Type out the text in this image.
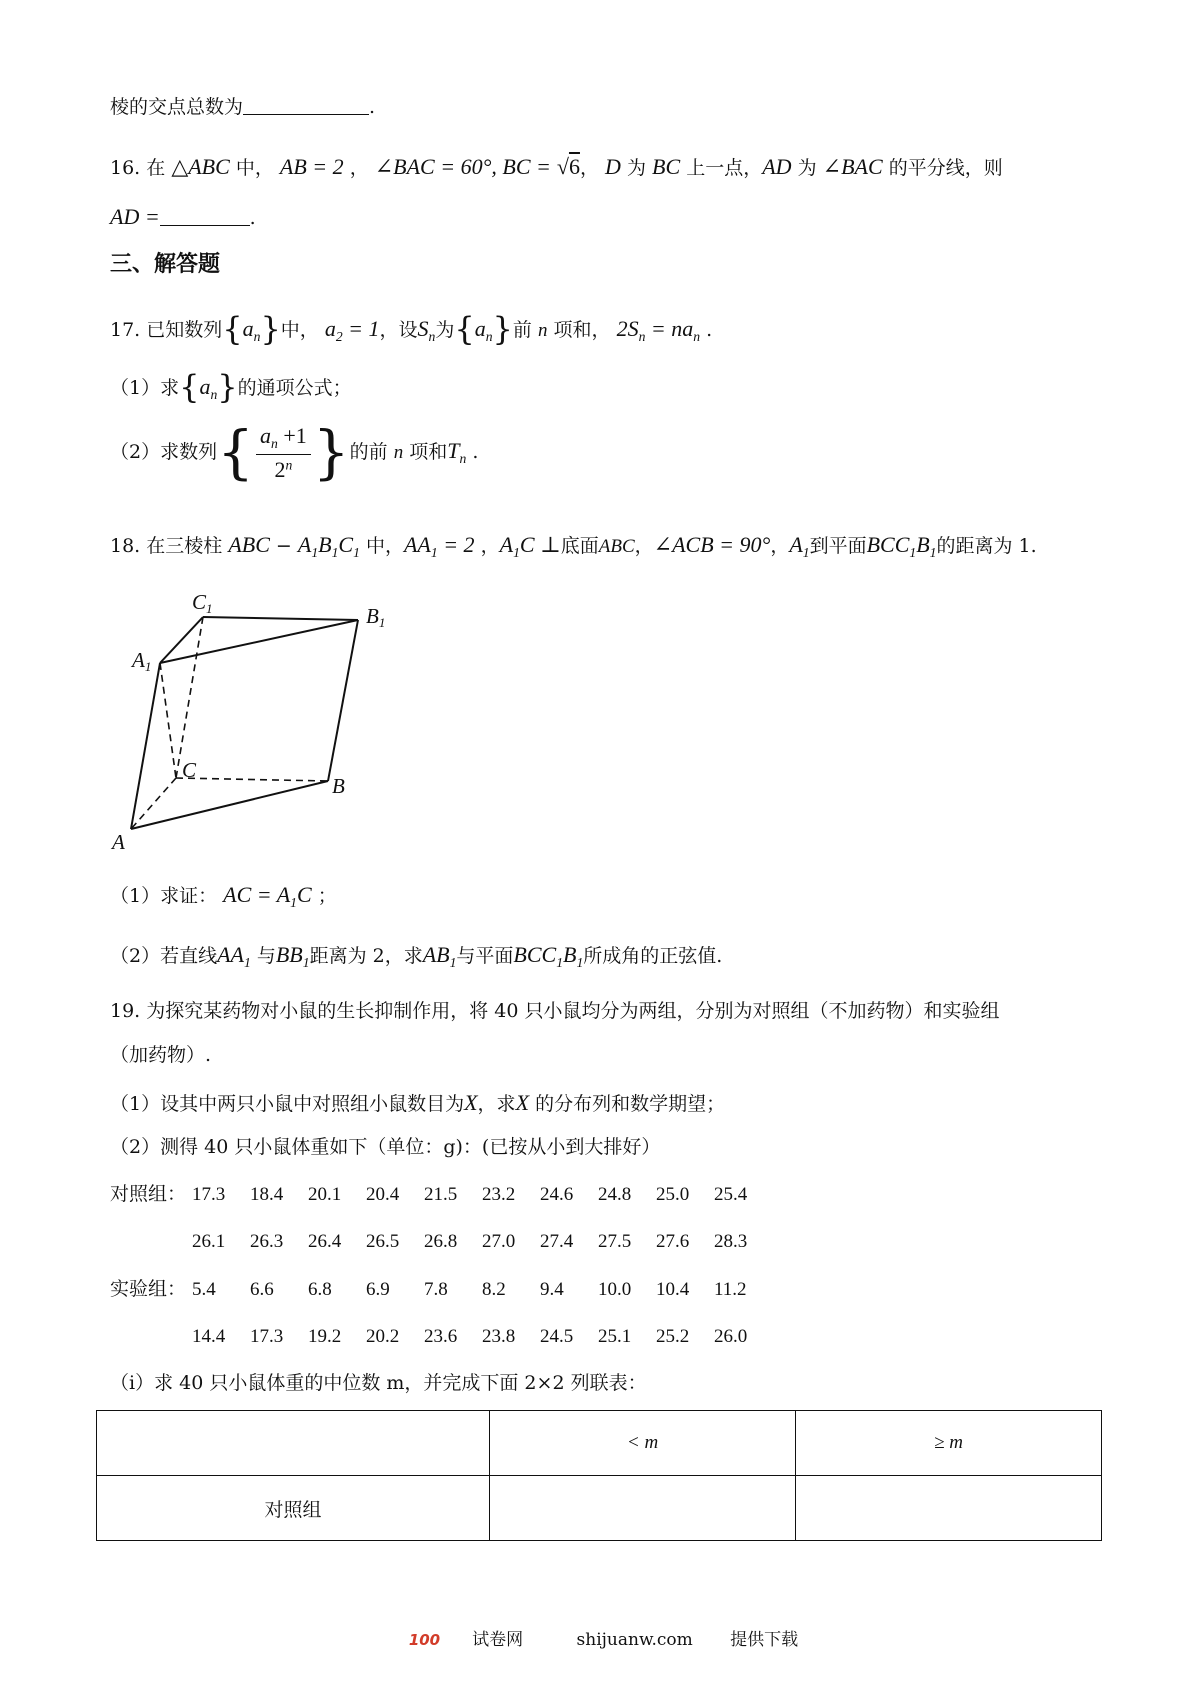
棱的交点总数为	.
16. 在 △ABC 中， AB = 2 ， ∠BAC = 60°, BC = √6， D 为 BC 上一点，AD 为 ∠BAC 的平分线，则
AD =	.
三、解答题
17. 已知数列$\{a_n\}$中， $a_2 = 1$，设$S_n$为$\{a_n\}$前 n 项和， $2S_n = na_n$ .
（1）求$\{a_n\}$的通项公式；
（2）求数列{ $\frac{a_n +1}{2^n}$ }的前 n 项和$T_n$ .
18. 在三棱柱 ABC − $A_1B_1C_1$ 中，$AA_1 = 2$ ，$A_1C$ ⊥底面ABC，∠ACB = 90°，$A_1$到平面$BCC_1B_1$的距离为 1.
C1	B1
A1
C
B
A
（1）求证： AC = $A_1C$ ；
（2）若直线$AA_1$ 与$BB_1$距离为 2，求$AB_1$与平面$BCC_1B_1$所成角的正弦值.
19. 为探究某药物对小鼠的生长抑制作用，将 40 只小鼠均分为两组，分别为对照组（不加药物）和实验组
（加药物）.
（1）设其中两只小鼠中对照组小鼠数目为X，求X 的分布列和数学期望；
（2）测得 40 只小鼠体重如下（单位：g)：(已按从小到大排好）
对照组： 17.3 18.4 20.1 20.4 21.5 23.2 24.6 24.8 25.0 25.4
26.1 26.3 26.4 26.5 26.8 27.0 27.4 27.5 27.6 28.3
实验组： 5.4 6.6 6.8 6.9 7.8 8.2 9.4 10.0 10.4 11.2
14.4 17.3 19.2 20.2 23.6 23.8 24.5 25.1 25.2 26.0
（i）求 40 只小鼠体重的中位数 m，并完成下面 2×2 列联表：
	< m	≥ m
对照组		
100 试卷网	shijuanw.com 提供下载
